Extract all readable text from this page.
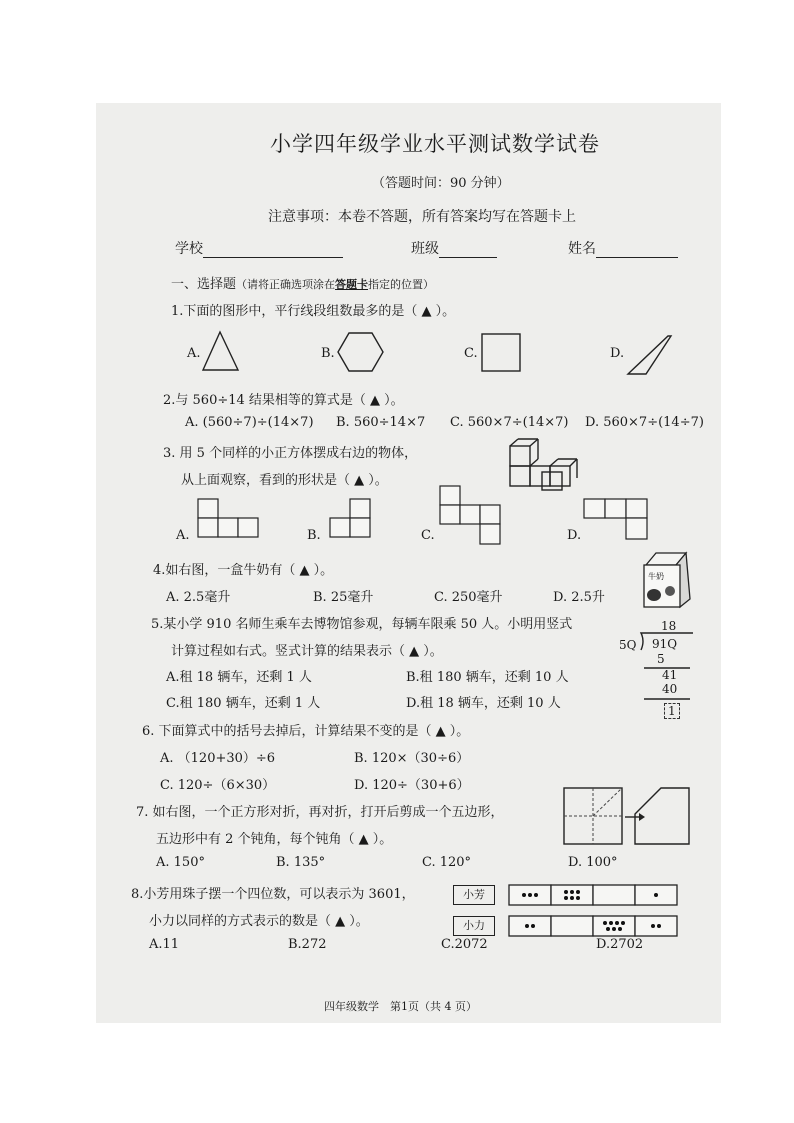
小学四年级学业水平测试数学试卷
（答题时间：90 分钟）
注意事项：本卷不答题，所有答案均写在答题卡上
学校	班级	姓名
一、选择题（请将正确选项涂在答题卡指定的位置）
1.下面的图形中，平行线段组数最多的是（ ▲ ）。
A.	B.	C.	D.
2.与 560÷14 结果相等的算式是（ ▲ ）。
A. (560÷7)÷(14×7) B. 560÷14×7 C. 560×7÷(14×7) D. 560×7÷(14÷7)
3. 用 5 个同样的小正方体摆成右边的物体，
从上面观察，看到的形状是（ ▲ ）。
A.	B.	C.	D.
4.如右图，一盒牛奶有（ ▲ ）。
A. 2.5毫升	B. 25毫升	C. 250毫升	D. 2.5升
牛奶
5.某小学 910 名师生乘车去博物馆参观，每辆车限乘 50 人。小明用竖式
计算过程如右式。竖式计算的结果表示（ ▲ ）。
A.租 18 辆车，还剩 1 人	B.租 180 辆车，还剩 10 人
C.租 180 辆车，还剩 1 人	D.租 18 辆车，还剩 10 人
18
5Q 91Q
5
41
40
1
6. 下面算式中的括号去掉后，计算结果不变的是（ ▲ ）。
A. （120+30）÷6	B. 120×（30÷6）
C. 120÷（6×30）	D. 120÷（30+6）
7. 如右图，一个正方形对折，再对折，打开后剪成一个五边形，
五边形中有 2 个钝角，每个钝角（ ▲ ）。
A. 150°	B. 135°	C. 120°	D. 100°
8.小芳用珠子摆一个四位数，可以表示为 3601，
小力以同样的方式表示的数是（ ▲ ）。
A.11	B.272	C.2072	D.2702
小芳
小力
四年级数学　第1页（共 4 页）
